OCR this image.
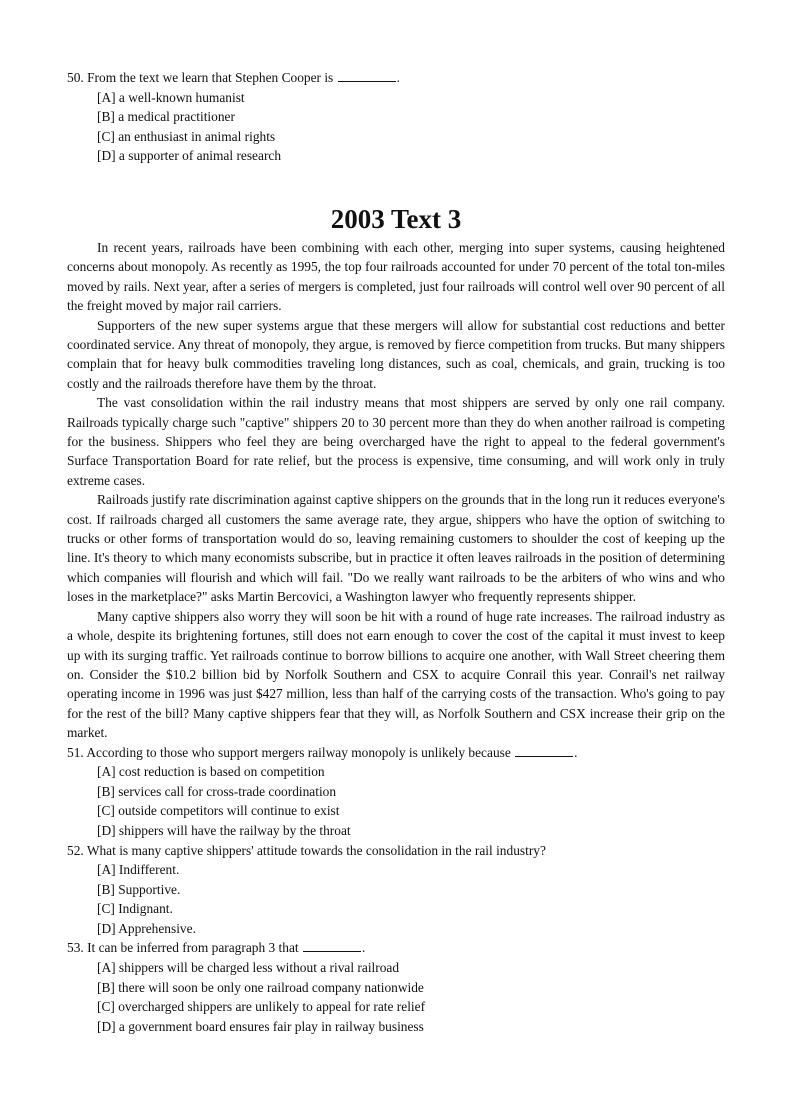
50. From the text we learn that Stephen Cooper is	.
[A] a well-known humanist
[B] a medical practitioner
[C] an enthusiast in animal rights
[D] a supporter of animal research
2003 Text 3

In recent years, railroads have been combining with each other, merging into super systems, causing heightened concerns about monopoly. As recently as 1995, the top four railroads accounted for under 70 percent of the total ton-miles moved by rails. Next year, after a series of mergers is completed, just four railroads will control well over 90 percent of all the freight moved by major rail carriers.

Supporters of the new super systems argue that these mergers will allow for substantial cost reductions and better coordinated service. Any threat of monopoly, they argue, is removed by fierce competition from trucks. But many shippers complain that for heavy bulk commodities traveling long distances, such as coal, chemicals, and grain, trucking is too costly and the railroads therefore have them by the throat.

The vast consolidation within the rail industry means that most shippers are served by only one rail company. Railroads typically charge such "captive" shippers 20 to 30 percent more than they do when another railroad is competing for the business. Shippers who feel they are being overcharged have the right to appeal to the federal government's Surface Transportation Board for rate relief, but the process is expensive, time consuming, and will work only in truly extreme cases.

Railroads justify rate discrimination against captive shippers on the grounds that in the long run it reduces everyone's cost. If railroads charged all customers the same average rate, they argue, shippers who have the option of switching to trucks or other forms of transportation would do so, leaving remaining customers to shoulder the cost of keeping up the line. It's theory to which many economists subscribe, but in practice it often leaves railroads in the position of determining which companies will flourish and which will fail. "Do we really want railroads to be the arbiters of who wins and who loses in the marketplace?" asks Martin Bercovici, a Washington lawyer who frequently represents shipper.

Many captive shippers also worry they will soon be hit with a round of huge rate increases. The railroad industry as a whole, despite its brightening fortunes, still does not earn enough to cover the cost of the capital it must invest to keep up with its surging traffic. Yet railroads continue to borrow billions to acquire one another, with Wall Street cheering them on. Consider the $10.2 billion bid by Norfolk Southern and CSX to acquire Conrail this year. Conrail's net railway operating income in 1996 was just $427 million, less than half of the carrying costs of the transaction. Who's going to pay for the rest of the bill? Many captive shippers fear that they will, as Norfolk Southern and CSX increase their grip on the market.

51. According to those who support mergers railway monopoly is unlikely because	.
[A] cost reduction is based on competition
[B] services call for cross-trade coordination
[C] outside competitors will continue to exist
[D] shippers will have the railway by the throat
52. What is many captive shippers' attitude towards the consolidation in the rail industry?
[A] Indifferent.
[B] Supportive.
[C] Indignant.
[D] Apprehensive.
53. It can be inferred from paragraph 3 that	.
[A] shippers will be charged less without a rival railroad
[B] there will soon be only one railroad company nationwide
[C] overcharged shippers are unlikely to appeal for rate relief
[D] a government board ensures fair play in railway business
